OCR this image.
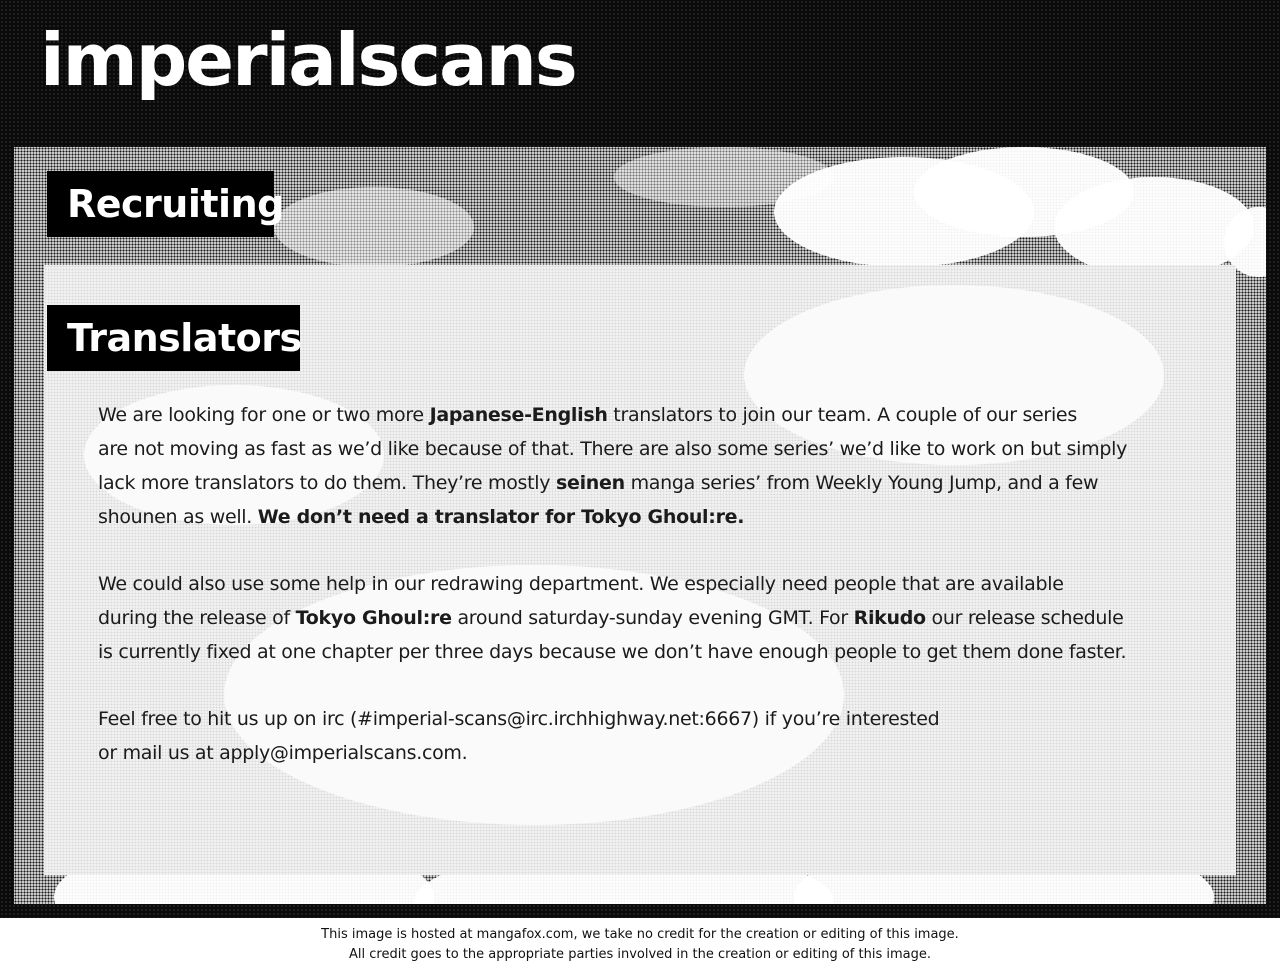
imperialscans
Recruiting
Translators
We are looking for one or two more Japanese-English translators to join our team. A couple of our series
are not moving as fast as we’d like because of that. There are also some series’ we’d like to work on but simply
lack more translators to do them. They’re mostly seinen manga series’ from Weekly Young Jump, and a few
shounen as well. We don’t need a translator for Tokyo Ghoul:re.
We could also use some help in our redrawing department. We especially need people that are available
during the release of Tokyo Ghoul:re around saturday-sunday evening GMT. For Rikudo our release schedule
is currently fixed at one chapter per three days because we don’t have enough people to get them done faster.
Feel free to hit us up on irc (#imperial-scans@irc.irchhighway.net:6667) if you’re interested
or mail us at apply@imperialscans.com.
This image is hosted at mangafox.com, we take no credit for the creation or editing of this image.
All credit goes to the appropriate parties involved in the creation or editing of this image.
